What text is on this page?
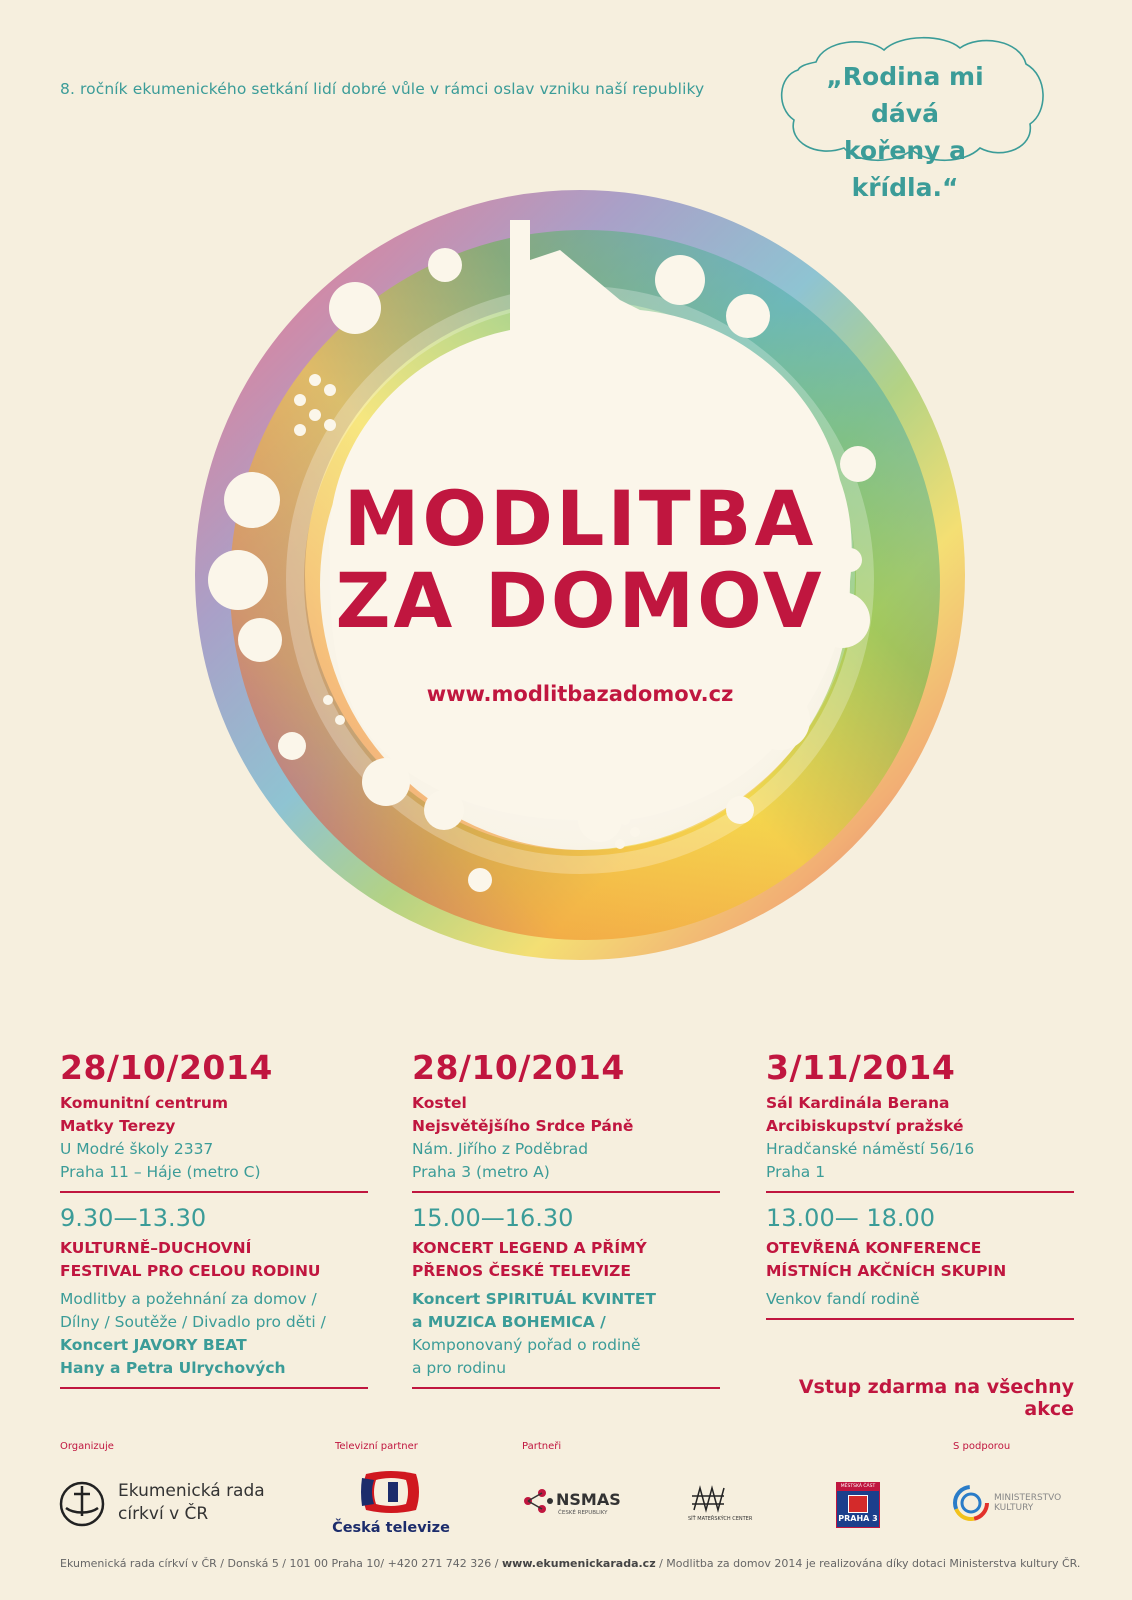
8. ročník ekumenického setkání lidí dobré vůle v rámci oslav vzniku naší republiky	„Rodina mi dává
kořeny a křídla.“
MODLITBA
ZA DOMOV
www.modlitbazadomov.cz
28/10/2014
Komunitní centrum
Matky Terezy
U Modré školy 2337
Praha 11 – Háje (metro C)
9.30—13.30
KULTURNĚ–DUCHOVNÍ
FESTIVAL PRO CELOU RODINU
Modlitby a požehnání za domov /
Dílny / Soutěže / Divadlo pro děti /
Koncert JAVORY BEAT
Hany a Petra Ulrychových
28/10/2014
Kostel
Nejsvětějšího Srdce Páně
Nám. Jiřího z Poděbrad
Praha 3 (metro A)
15.00—16.30
KONCERT LEGEND A PŘÍMÝ
PŘENOS ČESKÉ TELEVIZE
Koncert SPIRITUÁL KVINTET
a MUZICA BOHEMICA /
Komponovaný pořad o rodině
a pro rodinu
3/11/2014
Sál Kardinála Berana
Arcibiskupství pražské
Hradčanské náměstí 56/16
Praha 1
13.00— 18.00
OTEVŘENÁ KONFERENCE
MÍSTNÍCH AKČNÍCH SKUPIN
Venkov fandí rodině
Vstup zdarma na všechny akce
Organizuje	Televizní partner	Partneři	S podporou
Ekumenická rada
církví v ČR
Česká televize
NSMAS
ČESKÉ REPUBLIKY
SÍŤ MATEŘSKÝCH CENTER
MĚSTSKÁ ČÁST
PRAHA 3
MINISTERSTVO
KULTURY
Ekumenická rada církví v ČR / Donská 5 / 101 00 Praha 10/ +420 271 742 326 / www.ekumenickarada.cz / Modlitba za domov 2014 je realizována díky dotaci Ministerstva kultury ČR.
